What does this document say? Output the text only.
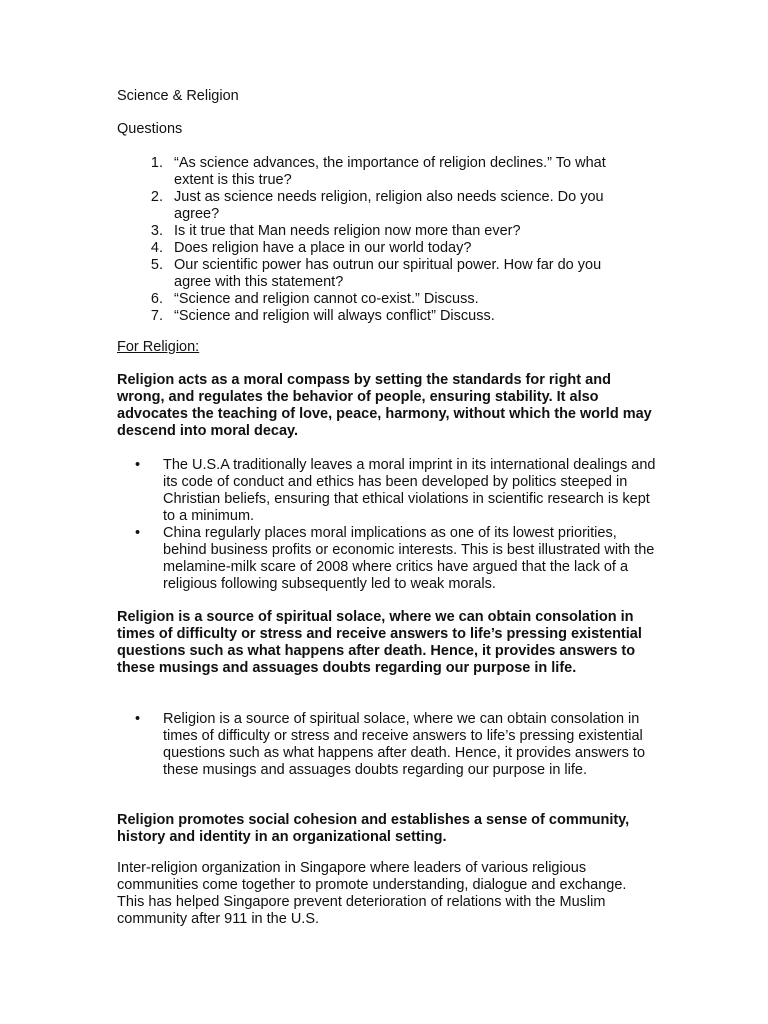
Science & Religion

Questions

1. “As science advances, the importance of religion declines.” To what extent is this true?
2. Just as science needs religion, religion also needs science. Do you agree?
3. Is it true that Man needs religion now more than ever?
4. Does religion have a place in our world today?
5. Our scientific power has outrun our spiritual power. How far do you agree with this statement?
6. “Science and religion cannot co-exist.” Discuss.
7. “Science and religion will always conflict” Discuss.

For Religion:

Religion acts as a moral compass by setting the standards for right and wrong, and regulates the behavior of people, ensuring stability. It also advocates the teaching of love, peace, harmony, without which the world may descend into moral decay.

•	The U.S.A traditionally leaves a moral imprint in its international dealings and its code of conduct and ethics has been developed by politics steeped in Christian beliefs, ensuring that ethical violations in scientific research is kept to a minimum.
•	China regularly places moral implications as one of its lowest priorities, behind business profits or economic interests. This is best illustrated with the melamine-milk scare of 2008 where critics have argued that the lack of a religious following subsequently led to weak morals.

Religion is a source of spiritual solace, where we can obtain consolation in times of difficulty or stress and receive answers to life’s pressing existential questions such as what happens after death. Hence, it provides answers to these musings and assuages doubts regarding our purpose in life.

•	Religion is a source of spiritual solace, where we can obtain consolation in times of difficulty or stress and receive answers to life’s pressing existential questions such as what happens after death. Hence, it provides answers to these musings and assuages doubts regarding our purpose in life.

Religion promotes social cohesion and establishes a sense of community, history and identity in an organizational setting.

Inter-religion organization in Singapore where leaders of various religious communities come together to promote understanding, dialogue and exchange. This has helped Singapore prevent deterioration of relations with the Muslim community after 911 in the U.S.
